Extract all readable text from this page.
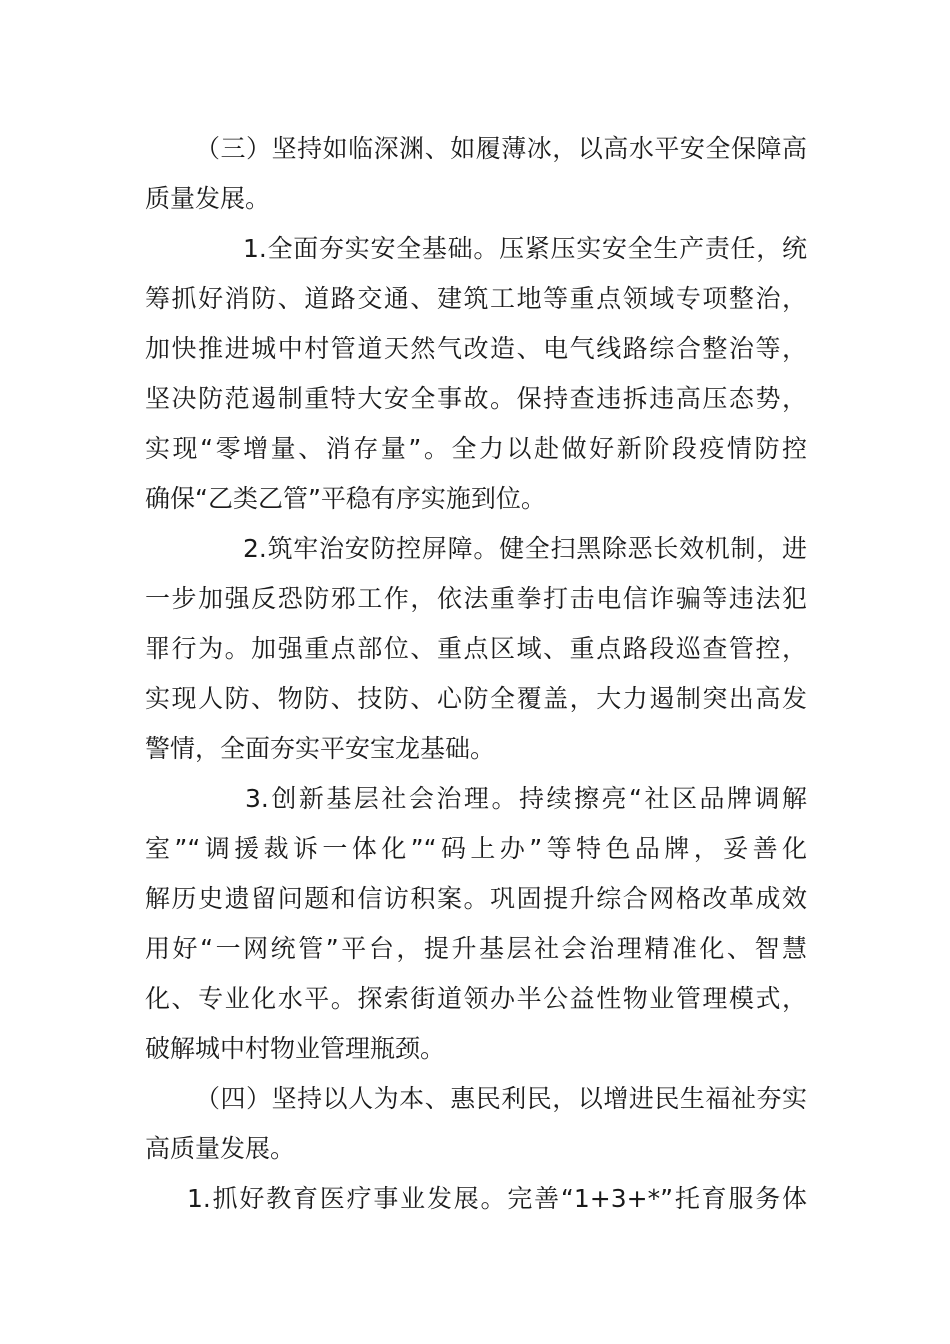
（三）坚持如临深渊、如履薄冰，以高水平安全保障高
质量发展。
1.全面夯实安全基础。压紧压实安全生产责任，统
筹抓好消防、道路交通、建筑工地等重点领域专项整治，
加快推进城中村管道天然气改造、电气线路综合整治等，
坚决防范遏制重特大安全事故。保持查违拆违高压态势，
实现“零增量、消存量”。全力以赴做好新阶段疫情防控
确保“乙类乙管”平稳有序实施到位。
2.筑牢治安防控屏障。健全扫黑除恶长效机制，进
一步加强反恐防邪工作，依法重拳打击电信诈骗等违法犯
罪行为。加强重点部位、重点区域、重点路段巡查管控，
实现人防、物防、技防、心防全覆盖，大力遏制突出高发
警情，全面夯实平安宝龙基础。
3.创新基层社会治理。持续擦亮“社区品牌调解
室”“调援裁诉一体化”“码上办”等特色品牌，妥善化
解历史遗留问题和信访积案。巩固提升综合网格改革成效
用好“一网统管”平台，提升基层社会治理精准化、智慧
化、专业化水平。探索街道领办半公益性物业管理模式，
破解城中村物业管理瓶颈。
（四）坚持以人为本、惠民利民，以增进民生福祉夯实
高质量发展。
1.抓好教育医疗事业发展。完善“1+3+*”托育服务体
